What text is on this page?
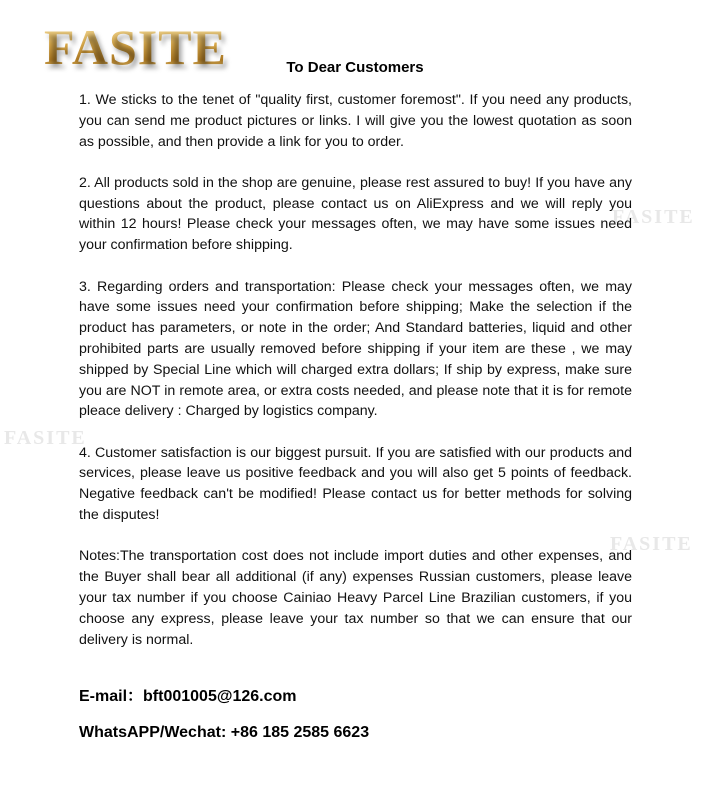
FASITE
FASITE
FASITE
FASITE
To Dear Customers

1. We sticks to the tenet of "quality first, customer foremost". If you need any products, you can send me product pictures or links. I will give you the lowest quotation as soon as possible, and then provide a link for you to order.

2. All products sold in the shop are genuine, please rest assured to buy! If you have any questions about the product, please contact us on AliExpress and we will reply you within 12 hours! Please check your messages often, we may have some issues need your confirmation before shipping.

3. Regarding orders and transportation: Please check your messages often, we may have some issues need your confirmation before shipping; Make the selection if the product has parameters, or note in the order; And Standard batteries, liquid and other prohibited parts are usually removed before shipping if your item are these , we may shipped by Special Line which will charged extra dollars; If ship by express, make sure you are NOT in remote area, or extra costs needed, and please note that it is for remote pleace delivery : Charged by logistics company.

4. Customer satisfaction is our biggest pursuit. If you are satisfied with our products and services, please leave us positive feedback and you will also get 5 points of feedback. Negative feedback can't be modified! Please contact us for better methods for solving the disputes!

Notes:The transportation cost does not include import duties and other expenses, and the Buyer shall bear all additional (if any) expenses Russian customers, please leave your tax number if you choose Cainiao Heavy Parcel Line Brazilian customers, if you choose any express, please leave your tax number so that we can ensure that our delivery is normal.

E-mail：bft001005@126.com
WhatsAPP/Wechat: +86 185 2585 6623
